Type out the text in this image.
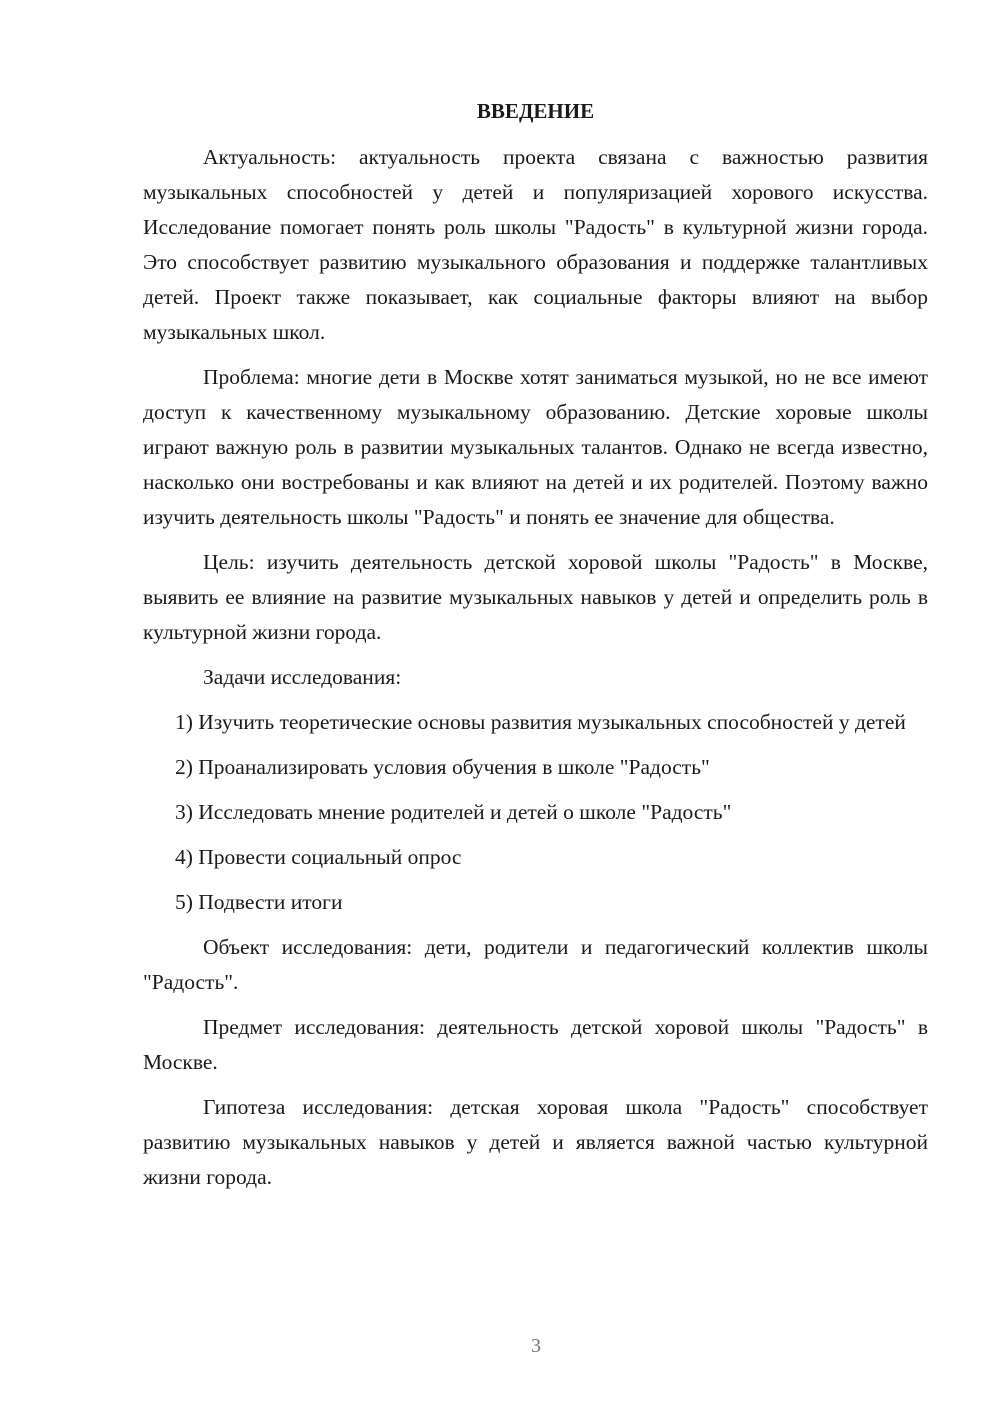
ВВЕДЕНИЕ

Актуальность: актуальность проекта связана с важностью развития музыкальных способностей у детей и популяризацией хорового искусства. Исследование помогает понять роль школы "Радость" в культурной жизни города. Это способствует развитию музыкального образования и поддержке талантливых детей. Проект также показывает, как социальные факторы влияют на выбор музыкальных школ.

Проблема: многие дети в Москве хотят заниматься музыкой, но не все имеют доступ к качественному музыкальному образованию. Детские хоровые школы играют важную роль в развитии музыкальных талантов. Однако не всегда известно, насколько они востребованы и как влияют на детей и их родителей. Поэтому важно изучить деятельность школы "Радость" и понять ее значение для общества.

Цель: изучить деятельность детской хоровой школы "Радость" в Москве, выявить ее влияние на развитие музыкальных навыков у детей и определить роль в культурной жизни города.

Задачи исследования:

1) Изучить теоретические основы развития музыкальных способностей у детей

2) Проанализировать условия обучения в школе "Радость"

3) Исследовать мнение родителей и детей о школе "Радость"

4) Провести социальный опрос

5) Подвести итоги

Объект исследования: дети, родители и педагогический коллектив школы "Радость".

Предмет исследования: деятельность детской хоровой школы "Радость" в Москве.

Гипотеза исследования: детская хоровая школа "Радость" способствует развитию музыкальных навыков у детей и является важной частью культурной жизни города.

3
